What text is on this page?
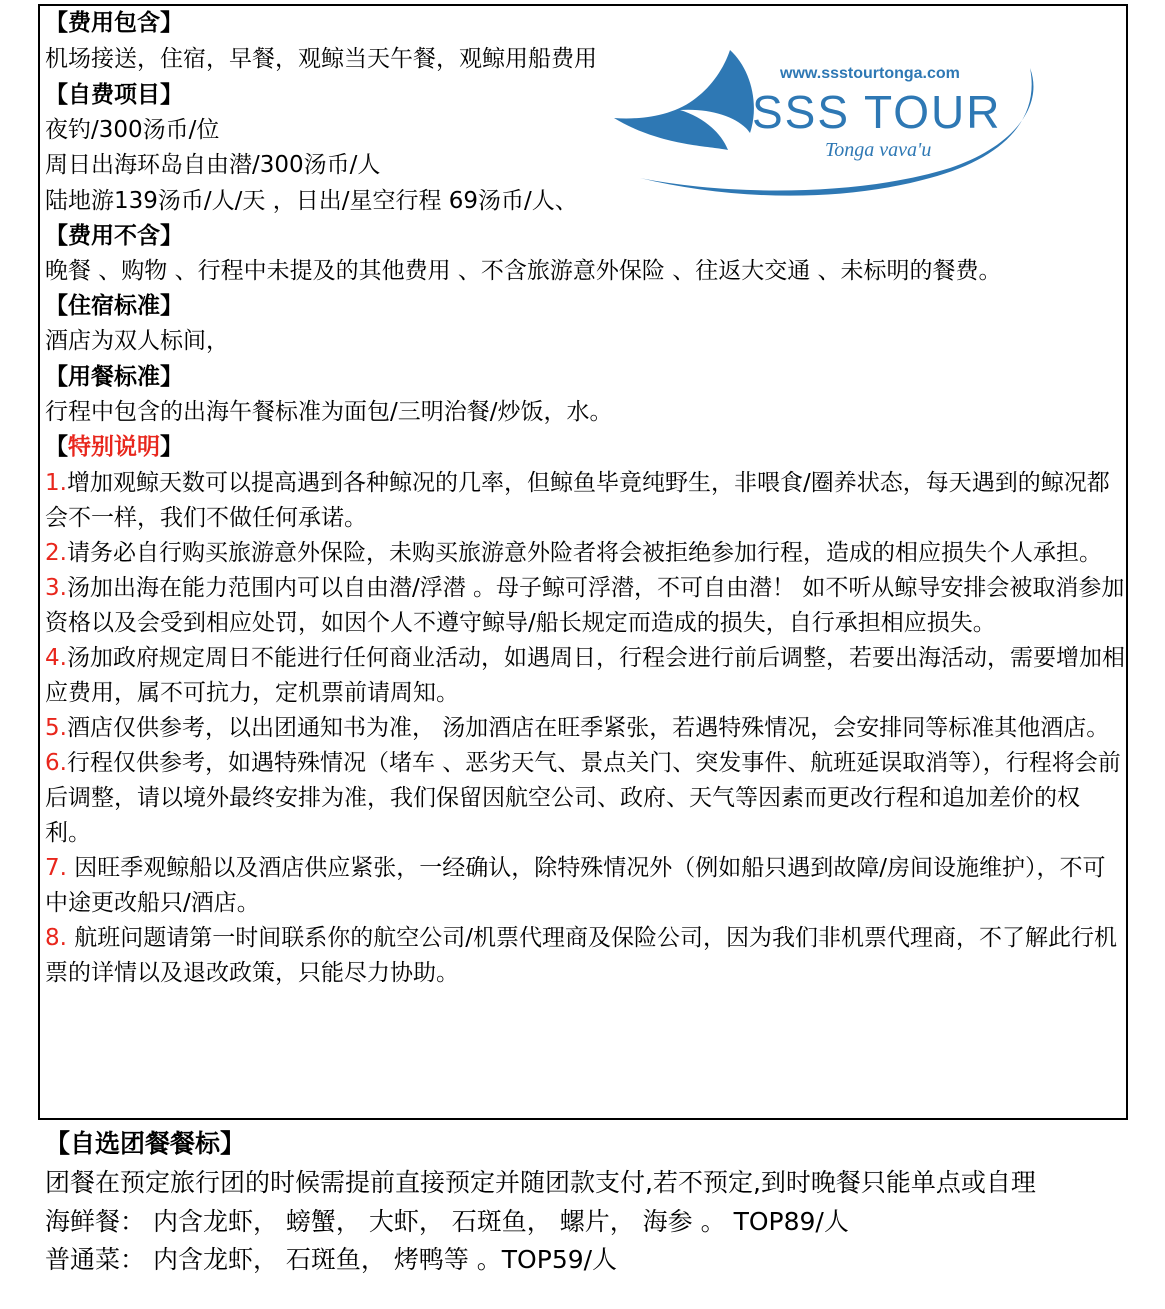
www.ssstourtonga.com
SSS TOUR
Tonga vava'u
【费用包含】
机场接送，住宿，早餐，观鲸当天午餐，观鲸用船费用
【自费项目】
夜钓/300汤币/位
周日出海环岛自由潜/300汤币/人
陆地游139汤币/人/天 ，日出/星空行程 69汤币/人、
【费用不含】
晚餐 、购物 、行程中未提及的其他费用 、不含旅游意外保险 、往返大交通 、未标明的餐费。
【住宿标准】
酒店为双人标间，
【用餐标准】
行程中包含的出海午餐标准为面包/三明治餐/炒饭，水。
【特别说明】

1.增加观鲸天数可以提高遇到各种鲸况的几率，但鲸鱼毕竟纯野生，非喂食/圈养状态，每天遇到的鲸况都会不一样，我们不做任何承诺。

2.请务必自行购买旅游意外保险，未购买旅游意外险者将会被拒绝参加行程，造成的相应损失个人承担。

3.汤加出海在能力范围内可以自由潜/浮潜 。母子鲸可浮潜，不可自由潜！ 如不听从鲸导安排会被取消参加资格以及会受到相应处罚，如因个人不遵守鲸导/船长规定而造成的损失，自行承担相应损失。

4.汤加政府规定周日不能进行任何商业活动，如遇周日，行程会进行前后调整，若要出海活动，需要增加相应费用，属不可抗力，定机票前请周知。

5.酒店仅供参考，以出团通知书为准， 汤加酒店在旺季紧张，若遇特殊情况，会安排同等标准其他酒店。

6.行程仅供参考，如遇特殊情况（堵车 、恶劣天气、景点关门、突发事件、航班延误取消等），行程将会前后调整，请以境外最终安排为准，我们保留因航空公司、政府、天气等因素而更改行程和追加差价的权利。

7. 因旺季观鲸船以及酒店供应紧张，一经确认，除特殊情况外（例如船只遇到故障/房间设施维护），不可中途更改船只/酒店。

8. 航班问题请第一时间联系你的航空公司/机票代理商及保险公司，因为我们非机票代理商，不了解此行机票的详情以及退改政策，只能尽力协助。

【自选团餐餐标】
团餐在预定旅行团的时候需提前直接预定并随团款支付,若不预定,到时晚餐只能单点或自理
海鲜餐： 内含龙虾， 螃蟹， 大虾， 石斑鱼， 螺片， 海参 。 TOP89/人
普通菜： 内含龙虾， 石斑鱼， 烤鸭等 。TOP59/人
